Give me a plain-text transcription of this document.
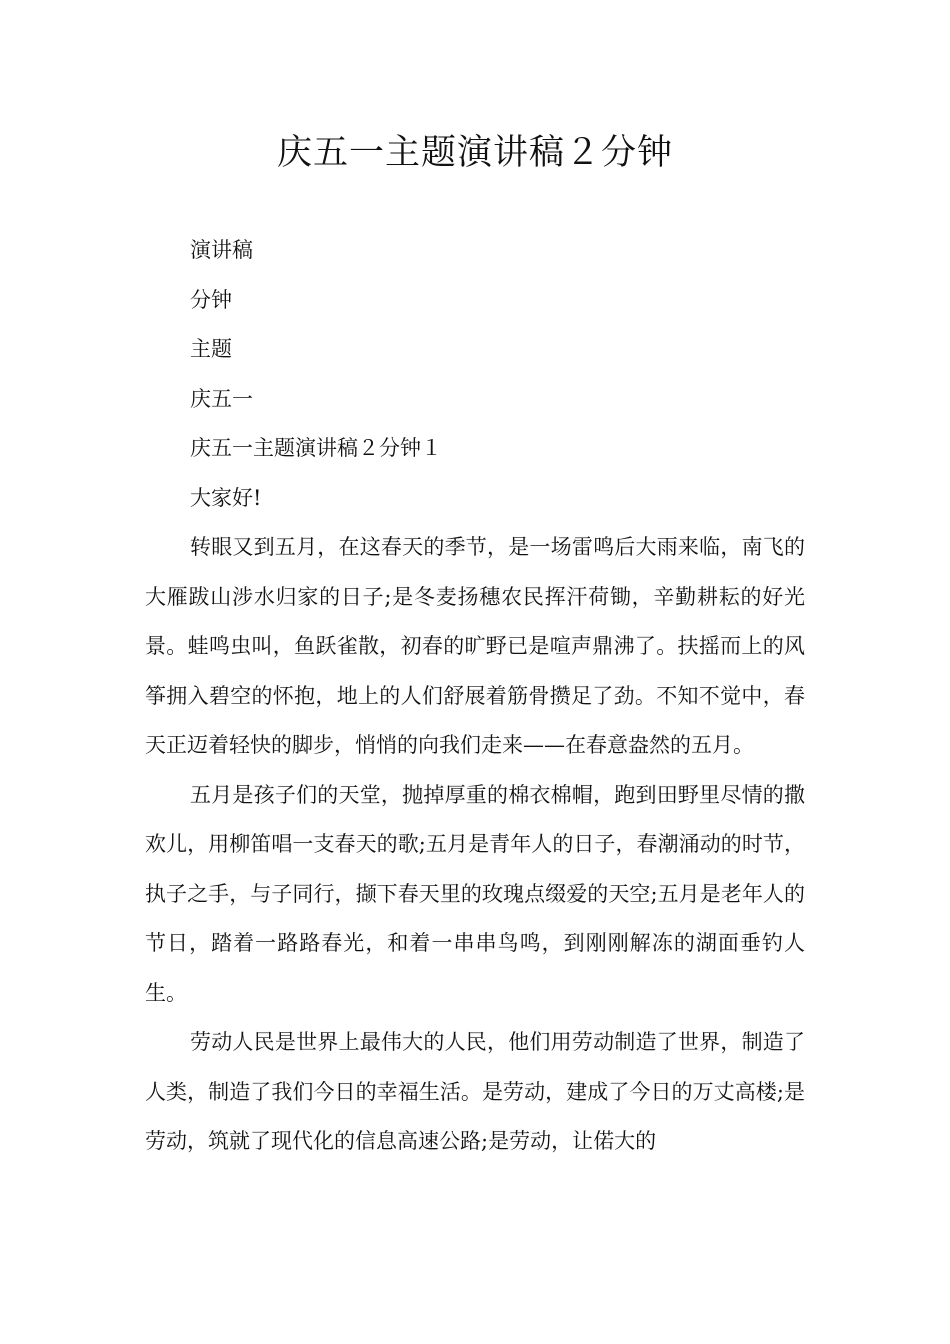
庆五一主题演讲稿２分钟

演讲稿

分钟

主题

庆五一

庆五一主题演讲稿２分钟１

大家好!

转眼又到五月，在这春天的季节，是一场雷鸣后大雨来临，南飞的大雁跋山涉水归家的日子;是冬麦扬穗农民挥汗荷锄，辛勤耕耘的好光景。蛙鸣虫叫，鱼跃雀散，初春的旷野已是喧声鼎沸了。扶摇而上的风筝拥入碧空的怀抱，地上的人们舒展着筋骨攒足了劲。不知不觉中，春天正迈着轻快的脚步，悄悄的向我们走来——在春意盎然的五月。

五月是孩子们的天堂，抛掉厚重的棉衣棉帽，跑到田野里尽情的撒欢儿，用柳笛唱一支春天的歌;五月是青年人的日子，春潮涌动的时节，执子之手，与子同行，撷下春天里的玫瑰点缀爱的天空;五月是老年人的节日，踏着一路路春光，和着一串串鸟鸣，到刚刚解冻的湖面垂钓人生。

劳动人民是世界上最伟大的人民，他们用劳动制造了世界，制造了人类，制造了我们今日的幸福生活。是劳动，建成了今日的万丈高楼;是劳动，筑就了现代化的信息高速公路;是劳动，让偌大的
